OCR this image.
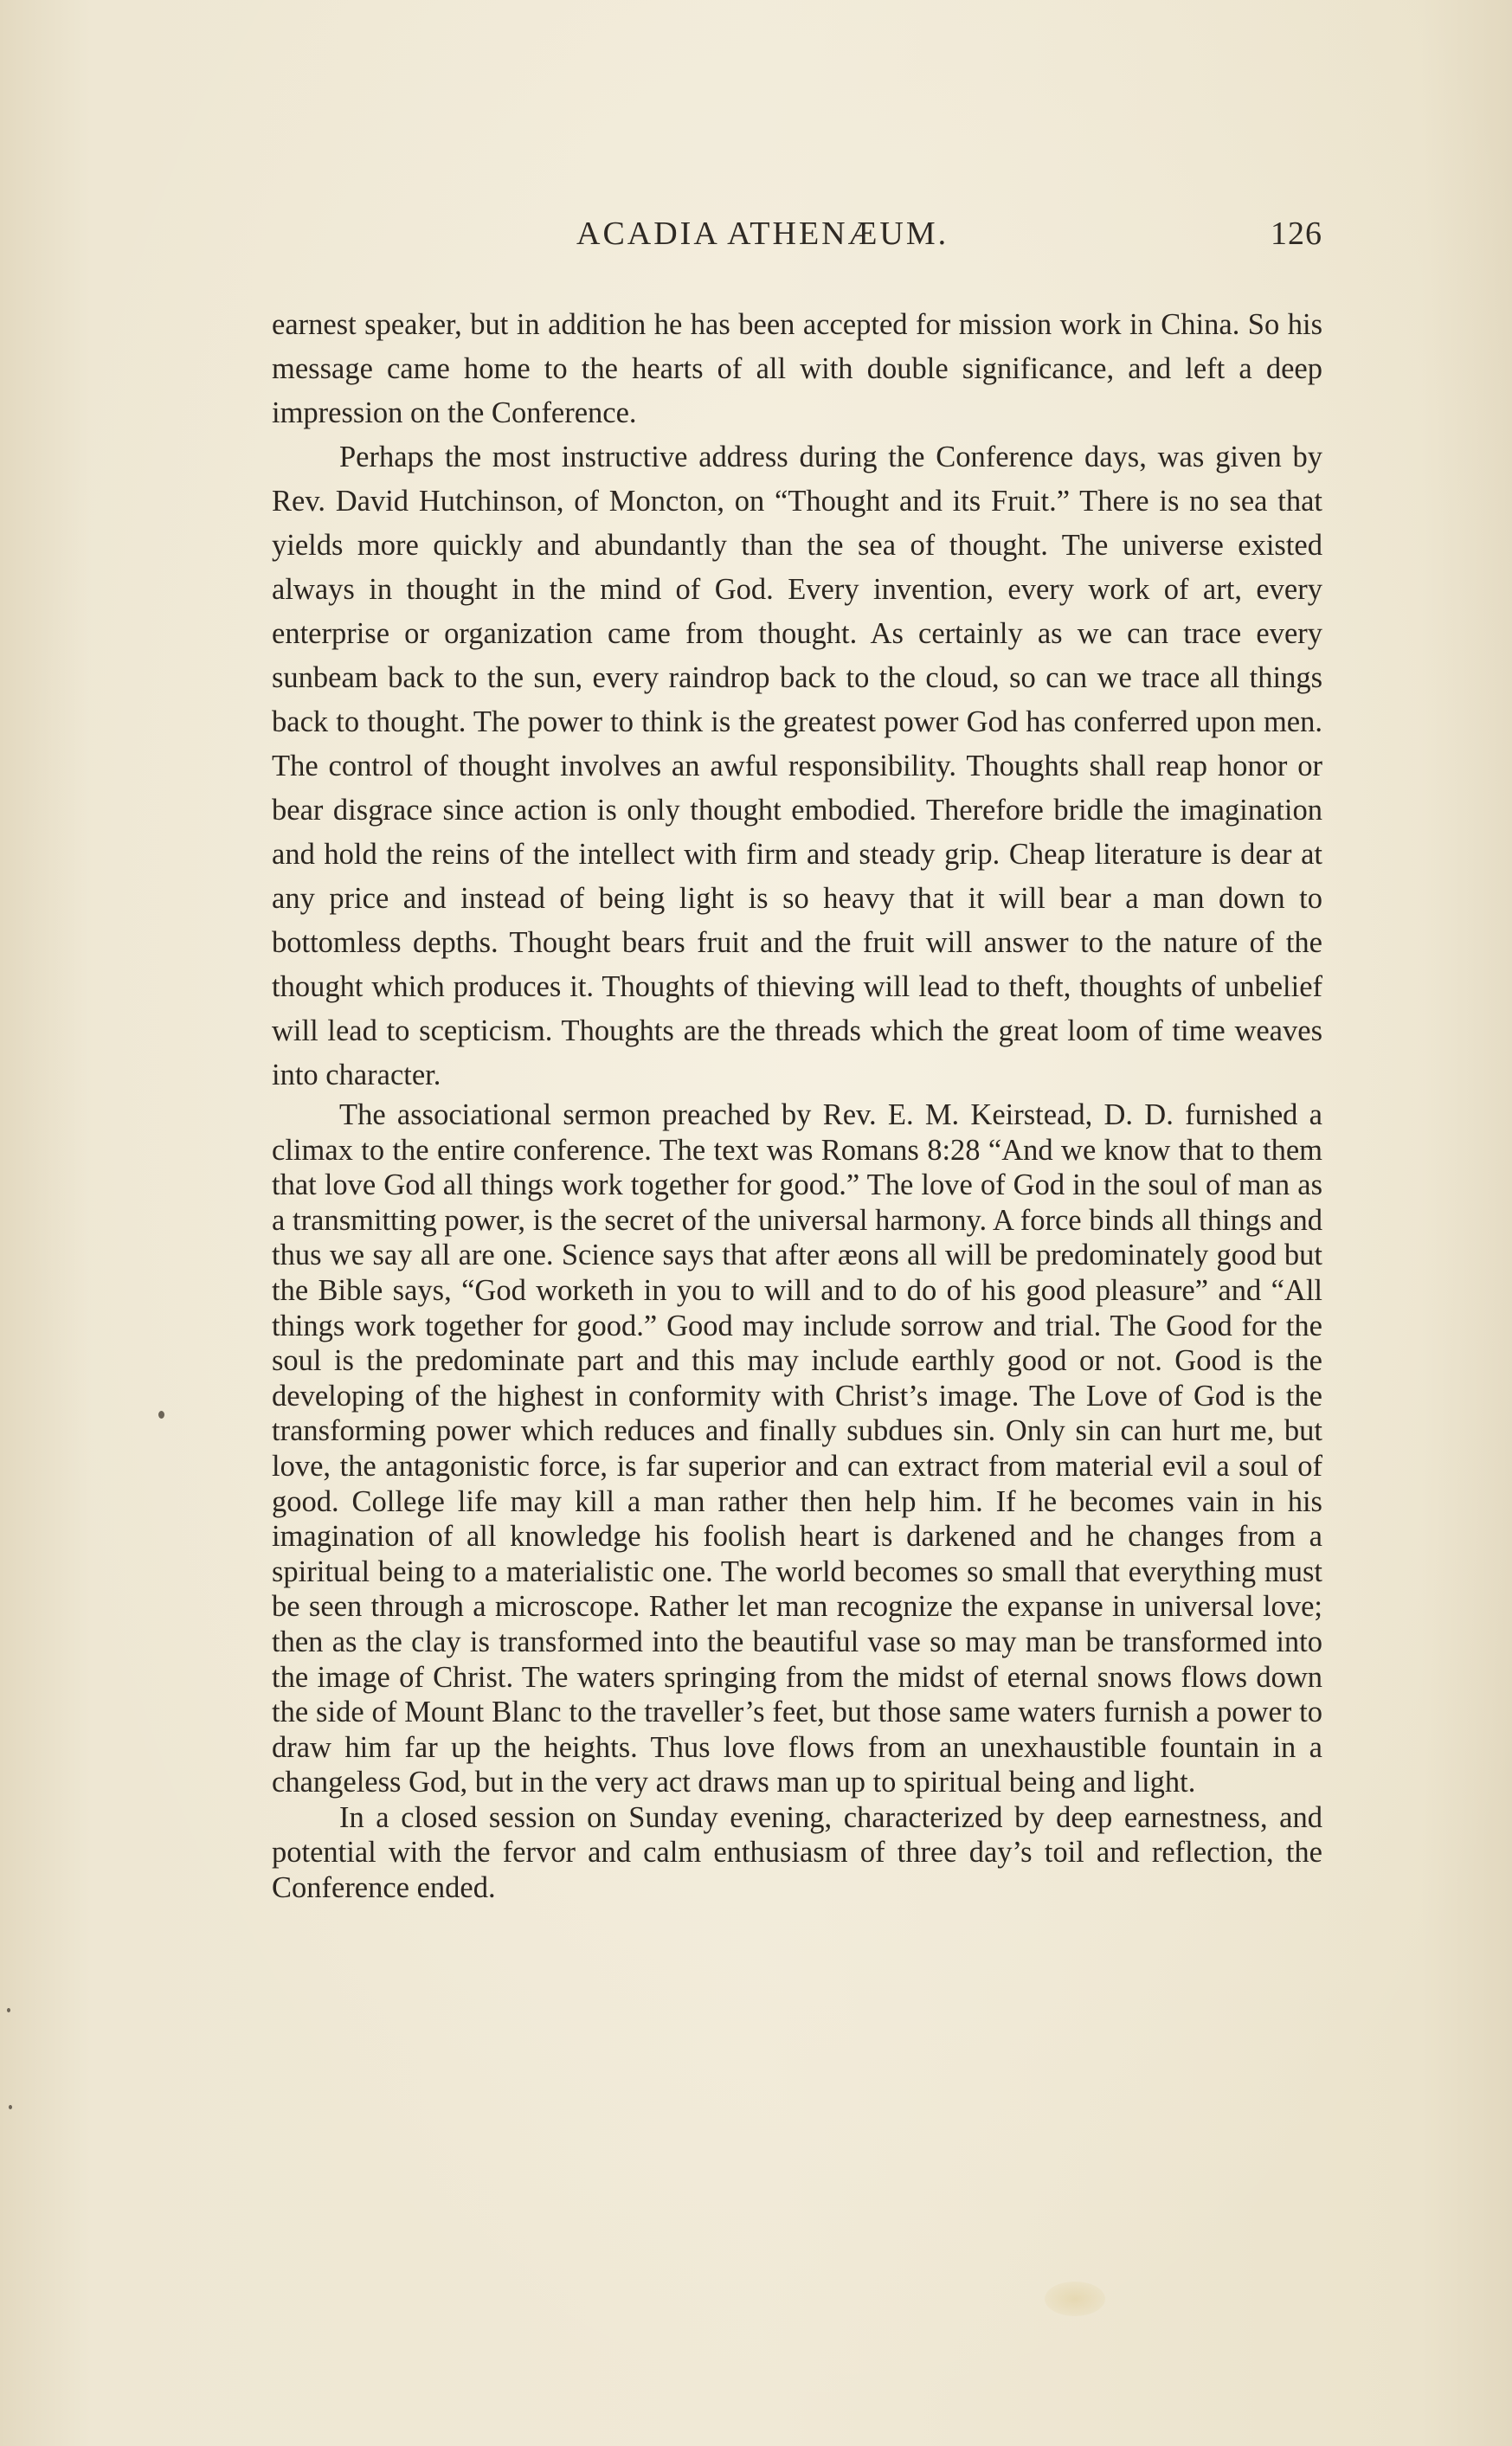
ACADIA ATHENÆUM.	126

earnest speaker, but in addition he has been accepted for mission work in China. So his message came home to the hearts of all with double significance, and left a deep impression on the Conference.

Perhaps the most instructive address during the Conference days, was given by Rev. David Hutchinson, of Moncton, on “Thought and its Fruit.” There is no sea that yields more quickly and abundantly than the sea of thought. The universe existed always in thought in the mind of God. Every invention, every work of art, every enterprise or organization came from thought. As certainly as we can trace every sunbeam back to the sun, every raindrop back to the cloud, so can we trace all things back to thought. The power to think is the greatest power God has conferred upon men. The control of thought involves an awful responsibility. Thoughts shall reap honor or bear disgrace since action is only thought embodied. Therefore bridle the imagination and hold the reins of the intellect with firm and steady grip. Cheap literature is dear at any price and instead of being light is so heavy that it will bear a man down to bottomless depths. Thought bears fruit and the fruit will answer to the nature of the thought which produces it. Thoughts of thieving will lead to theft, thoughts of unbelief will lead to scepticism. Thoughts are the threads which the great loom of time weaves into character.

The associational sermon preached by Rev. E. M. Keirstead, D. D. furnished a climax to the entire conference. The text was Romans 8:28 “And we know that to them that love God all things work together for good.” The love of God in the soul of man as a transmitting power, is the secret of the universal harmony. A force binds all things and thus we say all are one. Science says that after æons all will be predominately good but the Bible says, “God worketh in you to will and to do of his good pleasure” and “All things work together for good.” Good may include sorrow and trial. The Good for the soul is the predominate part and this may include earthly good or not. Good is the developing of the highest in conformity with Christ’s image. The Love of God is the transforming power which reduces and finally subdues sin. Only sin can hurt me, but love, the antagonistic force, is far superior and can extract from material evil a soul of good. College life may kill a man rather then help him. If he becomes vain in his imagination of all knowledge his foolish heart is darkened and he changes from a spiritual being to a materialistic one. The world becomes so small that everything must be seen through a microscope. Rather let man recognize the expanse in universal love; then as the clay is transformed into the beautiful vase so may man be transformed into the image of Christ. The waters springing from the midst of eternal snows flows down the side of Mount Blanc to the traveller’s feet, but those same waters furnish a power to draw him far up the heights. Thus love flows from an unexhaustible fountain in a changeless God, but in the very act draws man up to spiritual being and light.

In a closed session on Sunday evening, characterized by deep earnestness, and potential with the fervor and calm enthusiasm of three day’s toil and reflection, the Conference ended.
